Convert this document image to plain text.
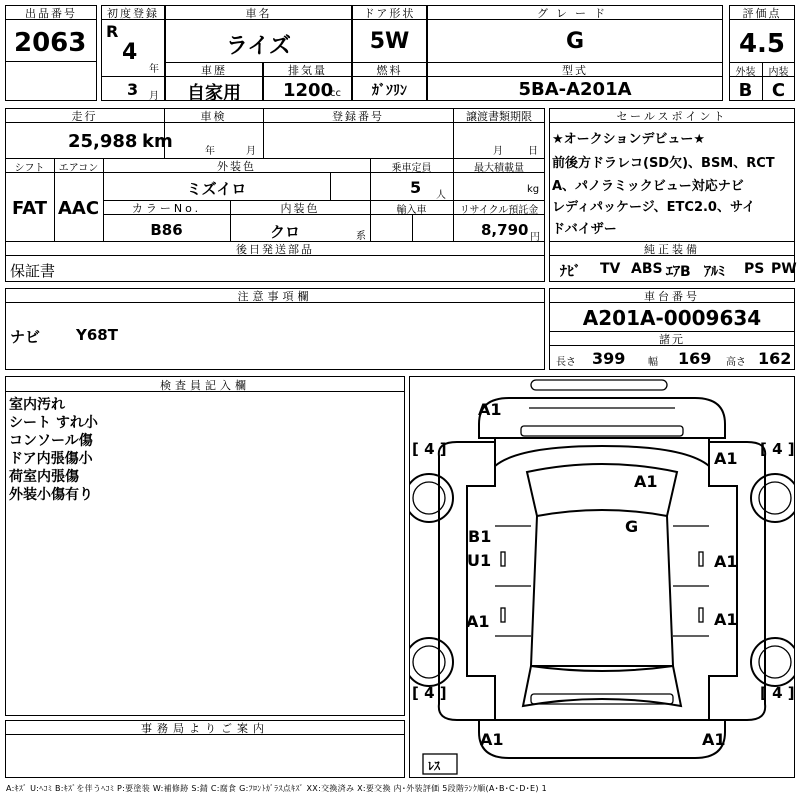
出品番号
2063
初度登録
R
4
年
3 月
車名
ライズ
ドア形状
5W
グレード
G
評価点
4.5
外装	内装
B	C
車歴
自家用
排気量
1200
cc
燃料
ｶﾞｿﾘﾝ
型式
5BA-A201A
走行	車検	登録番号	譲渡書類期限
25,988 km	年	月	月	日
シフト	エアコン	外装色	乗車定員	最大積載量
FAT AAC
ミズイロ	5 人
kg
カラーNo.	内装色	輸入車	リサイクル預託金
B86	クロ	系	8,790 円
後日発送部品
保証書
セールスポイント
★オークションデビュー★
前後方ドラレコ(SD欠)、BSM、RCT
A、パノラミックビュー対応ナビ
レディパッケージ、ETC2.0、サイ
ドバイザー
純正装備
ﾅﾋﾞ TV ABS ｴｱB ｱﾙﾐ PS PW
注意事項欄
ナビ Y68T
車台番号
A201A-0009634
諸元
長さ 399 幅 169 高さ 162
検査員記入欄
室内汚れ
シート すれ小
コンソール傷
ドア内張傷小
荷室内張傷
外装小傷有り
事務局よりご案内
A1
A1
A1
G
B1
U1	A1
A1	A1
A1	A1
[ 4 ]	[ 4 ]
[ 4 ]	[ 4 ]
ﾚｽ
A:ｷｽﾞ U:ﾍｺﾐ B:ｷｽﾞを伴うﾍｺﾐ P:要塗装 W:補修跡 S:錆 C:腐食 G:ﾌﾛﾝﾄｶﾞﾗｽ点ｷｽﾞ XX:交換済み X:要交換 内･外装評価 5段階ﾗﾝｸ順(A･B･C･D･E) 1
